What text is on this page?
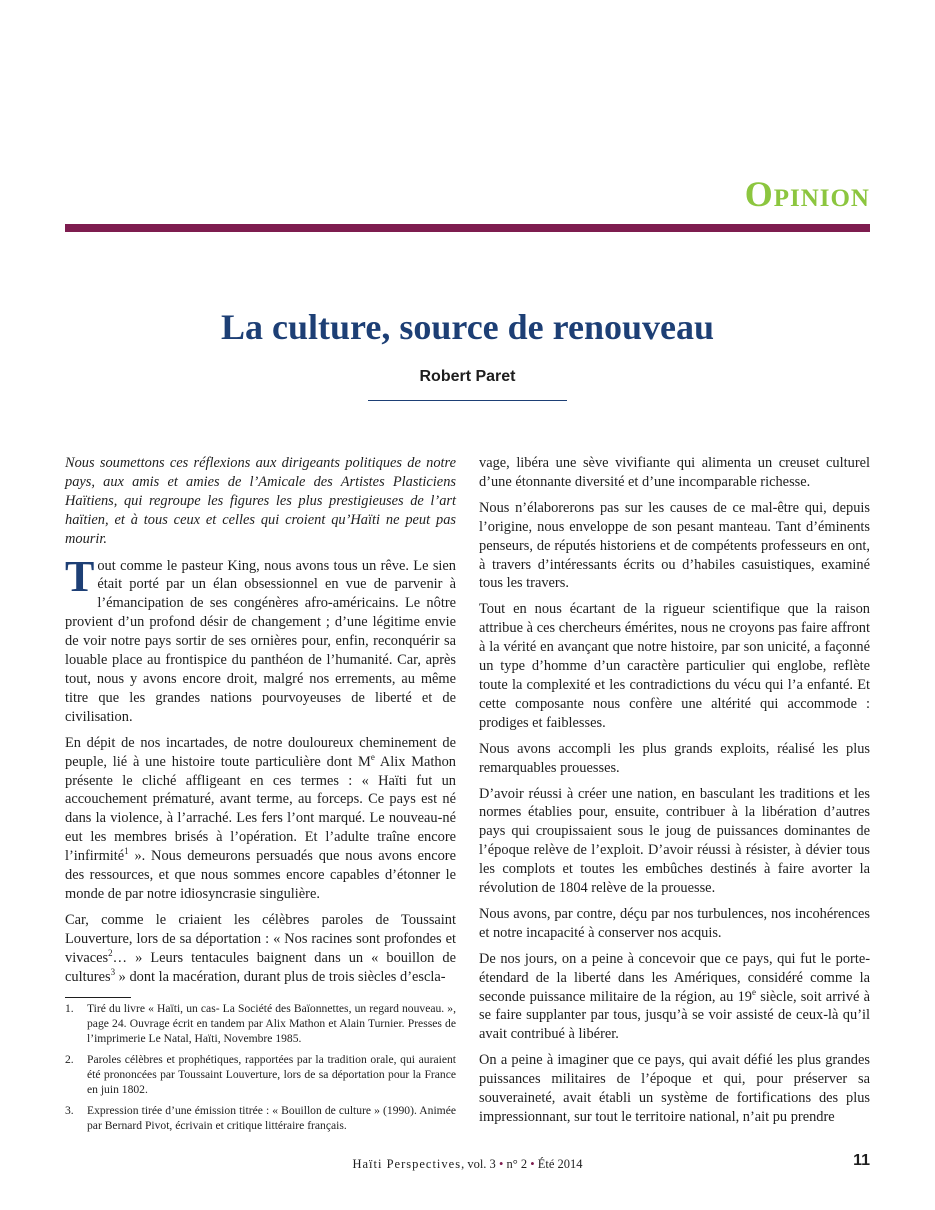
Opinion
La culture, source de renouveau
Robert Paret

Nous soumettons ces réflexions aux dirigeants politiques de notre pays, aux amis et amies de l’Amicale des Artistes Plasticiens Haïtiens, qui regroupe les figures les plus prestigieuses de l’art haïtien, et à tous ceux et celles qui croient qu’Haïti ne peut pas mourir.

Tout comme le pasteur King, nous avons tous un rêve. Le sien était porté par un élan obsessionnel en vue de parvenir à l’émancipation de ses congénères afro-américains. Le nôtre provient d’un profond désir de changement ; d’une légitime envie de voir notre pays sortir de ses ornières pour, enfin, reconquérir sa louable place au frontispice du panthéon de l’humanité. Car, après tout, nous y avons encore droit, malgré nos errements, au même titre que les grandes nations pourvoyeuses de liberté et de civilisation.

En dépit de nos incartades, de notre douloureux cheminement de peuple, lié à une histoire toute particulière dont Me Alix Mathon présente le cliché affligeant en ces termes : « Haïti fut un accouchement prématuré, avant terme, au forceps. Ce pays est né dans la violence, à l’arraché. Les fers l’ont marqué. Le nouveau-né eut les membres brisés à l’opération. Et l’adulte traîne encore l’infirmité$^1$ ». Nous demeurons persuadés que nous avons encore des ressources, et que nous sommes encore capables d’étonner le monde de par notre idiosyncrasie singulière.

Car, comme le criaient les célèbres paroles de Toussaint Louverture, lors de sa déportation : « Nos racines sont profondes et vivaces$^2$… » Leurs tentacules baignent dans un « bouillon de cultures$^3$ » dont la macération, durant plus de trois siècles d’escla-

vage, libéra une sève vivifiante qui alimenta un creuset culturel d’une étonnante diversité et d’une incomparable richesse.

Nous n’élaborerons pas sur les causes de ce mal-être qui, depuis l’origine, nous enveloppe de son pesant manteau. Tant d’éminents penseurs, de réputés historiens et de compétents professeurs en ont, à travers d’intéressants écrits ou d’habiles casuistiques, examiné tous les travers.

Tout en nous écartant de la rigueur scientifique que la raison attribue à ces chercheurs émérites, nous ne croyons pas faire affront à la vérité en avançant que notre histoire, par son unicité, a façonné un type d’homme d’un caractère particulier qui englobe, reflète toute la complexité et les contradictions du vécu qui l’a enfanté. Et cette composante nous confère une altérité qui accommode : prodiges et faiblesses.

Nous avons accompli les plus grands exploits, réalisé les plus remarquables prouesses.

D’avoir réussi à créer une nation, en basculant les traditions et les normes établies pour, ensuite, contribuer à la libération d’autres pays qui croupissaient sous le joug de puissances dominantes de l’époque relève de l’exploit. D’avoir réussi à résister, à dévier tous les complots et toutes les embûches destinés à faire avorter la révolution de 1804 relève de la prouesse.

Nous avons, par contre, déçu par nos turbulences, nos incohérences et notre incapacité à conserver nos acquis.

De nos jours, on a peine à concevoir que ce pays, qui fut le porte-étendard de la liberté dans les Amériques, considéré comme la seconde puissance militaire de la région, au 19e siècle, soit arrivé à se faire supplanter par tous, jusqu’à se voir assisté de ceux-là qu’il avait contribué à libérer.

On a peine à imaginer que ce pays, qui avait défié les plus grandes puissances militaires de l’époque et qui, pour préserver sa souveraineté, avait établi un système de fortifications des plus impressionnant, sur tout le territoire national, n’ait pu prendre

1.	Tiré du livre « Haïti, un cas- La Société des Baïonnettes, un regard nouveau. », page 24. Ouvrage écrit en tandem par Alix Mathon et Alain Turnier. Presses de l’imprimerie Le Natal, Haïti, Novembre 1985.
2.	Paroles célèbres et prophétiques, rapportées par la tradition orale, qui auraient été prononcées par Toussaint Louverture, lors de sa déportation pour la France en juin 1802.
3.	Expression tirée d’une émission titrée : « Bouillon de culture » (1990). Animée par Bernard Pivot, écrivain et critique littéraire français.
Haïti Perspectives, vol. 3 • n° 2 • Été 2014	11
